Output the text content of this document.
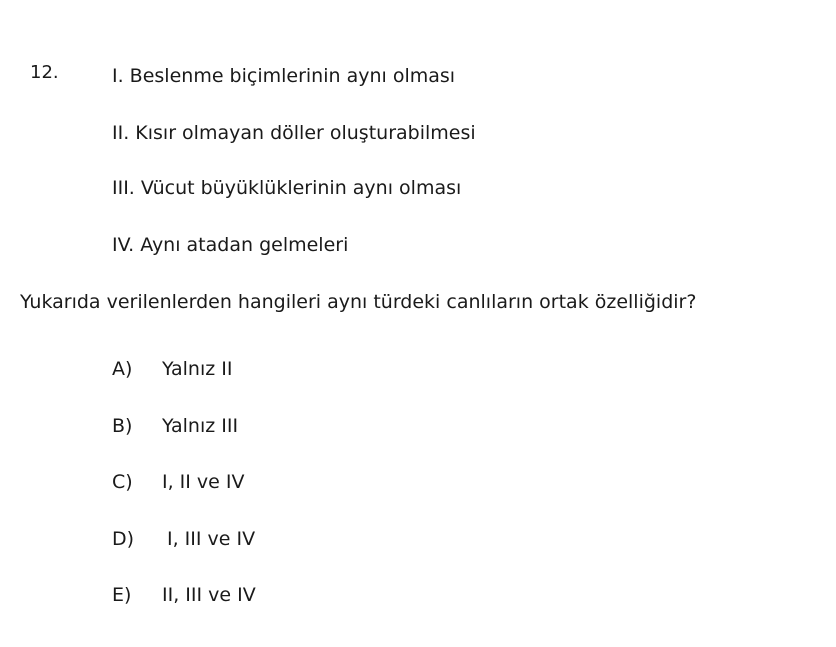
12.	I. Beslenme biçimlerinin aynı olması
II. Kısır olmayan döller oluşturabilmesi
III. Vücut büyüklüklerinin aynı olması
IV. Aynı atadan gelmeleri
Yukarıda verilenlerden hangileri aynı türdeki canlıların ortak özelliğidir?
A) Yalnız II
B) Yalnız III
C) I, II ve IV
D) I, III ve IV
E) II, III ve IV
